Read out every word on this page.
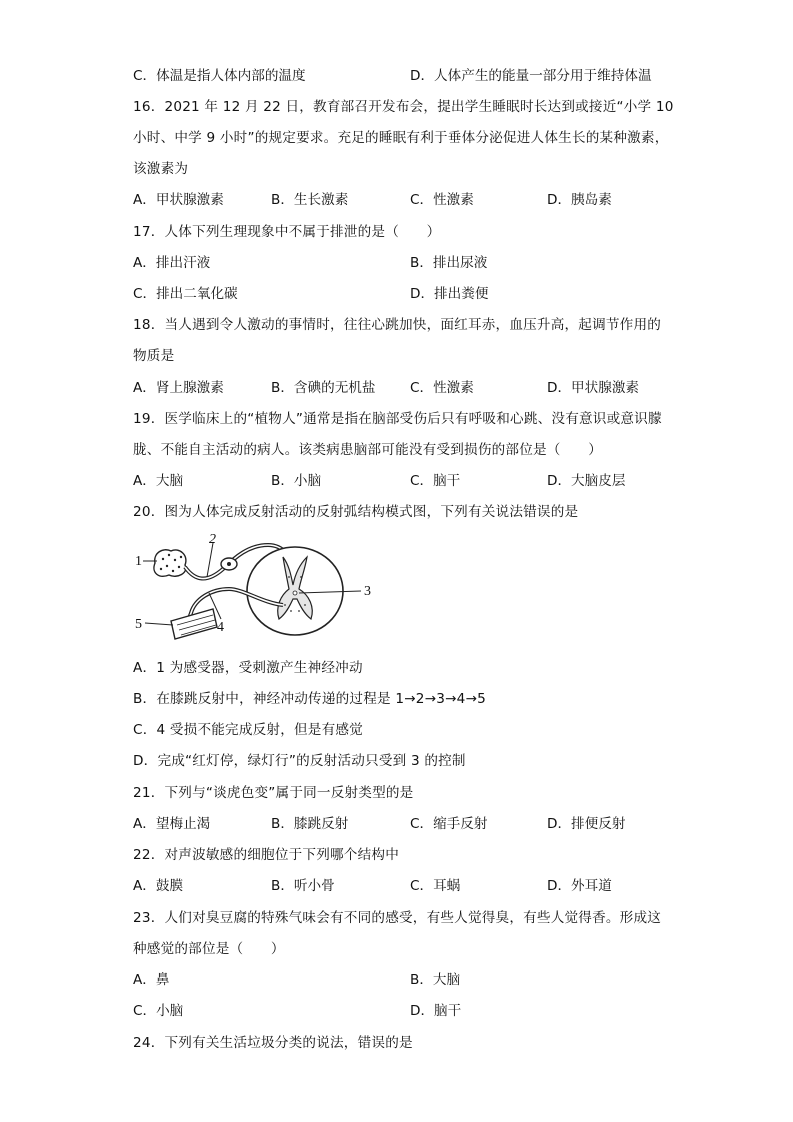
C．体温是指人体内部的温度	D．人体产生的能量一部分用于维持体温
16．2021 年 12 月 22 日，教育部召开发布会，提出学生睡眠时长达到或接近“小学 10
小时、中学 9 小时”的规定要求。充足的睡眠有利于垂体分泌促进人体生长的某种激素，
该激素为
A．甲状腺激素	B．生长激素	C．性激素	D．胰岛素
17．人体下列生理现象中不属于排泄的是（　　）
A．排出汗液	B．排出尿液
C．排出二氧化碳	D．排出粪便
18．当人遇到令人激动的事情时，往往心跳加快，面红耳赤，血压升高，起调节作用的
物质是
A．肾上腺激素	B．含碘的无机盐	C．性激素	D．甲状腺激素
19．医学临床上的“植物人”通常是指在脑部受伤后只有呼吸和心跳、没有意识或意识朦
胧、不能自主活动的病人。该类病患脑部可能没有受到损伤的部位是（　　）
A．大脑	B．小脑	C．脑干	D．大脑皮层
20．图为人体完成反射活动的反射弧结构模式图，下列有关说法错误的是
1
2
3
4
5
A．1 为感受器，受刺激产生神经冲动
B．在膝跳反射中，神经冲动传递的过程是 1→2→3→4→5
C．4 受损不能完成反射，但是有感觉
D．完成“红灯停，绿灯行”的反射活动只受到 3 的控制
21．下列与“谈虎色变”属于同一反射类型的是
A．望梅止渴	B．膝跳反射	C．缩手反射	D．排便反射
22．对声波敏感的细胞位于下列哪个结构中
A．鼓膜	B．听小骨	C．耳蜗	D．外耳道
23．人们对臭豆腐的特殊气味会有不同的感受，有些人觉得臭，有些人觉得香。形成这
种感觉的部位是（　　）
A．鼻	B．大脑
C．小脑	D．脑干
24．下列有关生活垃圾分类的说法，错误的是
